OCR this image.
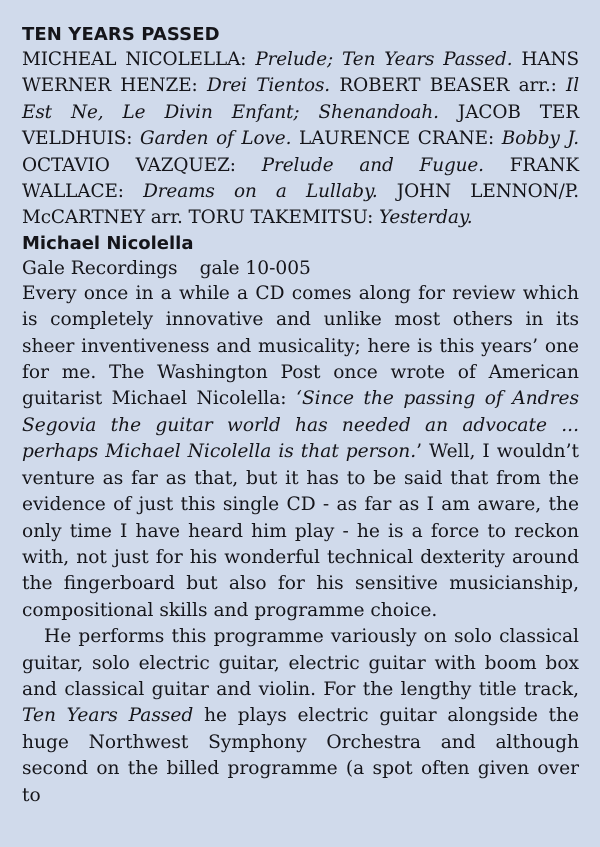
TEN YEARS PASSED

MICHEAL NICOLELLA: Prelude; Ten Years Passed. HANS WERNER HENZE: Drei Tientos. ROBERT BEASER arr.: Il Est Ne, Le Divin Enfant; Shenandoah. JACOB TER VELDHUIS: Garden of Love. LAURENCE CRANE: Bobby J. OCTAVIO VAZQUEZ: Prelude and Fugue. FRANK WALLACE: Dreams on a Lullaby. JOHN LENNON/P. McCARTNEY arr. TORU TAKEMITSU: Yesterday.

Michael Nicolella

Gale Recordings gale 10-005

Every once in a while a CD comes along for review which is completely innovative and unlike most others in its sheer inventiveness and musicality; here is this years’ one for me. The Washington Post once wrote of American guitarist Michael Nicolella: ‘Since the passing of Andres Segovia the guitar world has needed an advocate ... perhaps Michael Nicolella is that person.’ Well, I wouldn’t venture as far as that, but it has to be said that from the evidence of just this single CD - as far as I am aware, the only time I have heard him play - he is a force to reckon with, not just for his wonderful technical dexterity around the fingerboard but also for his sensitive musicianship, compositional skills and programme choice.

He performs this programme variously on solo classical guitar, solo electric guitar, electric guitar with boom box and classical guitar and violin. For the lengthy title track, Ten Years Passed he plays electric guitar alongside the huge Northwest Symphony Orchestra and although second on the billed programme (a spot often given over to
